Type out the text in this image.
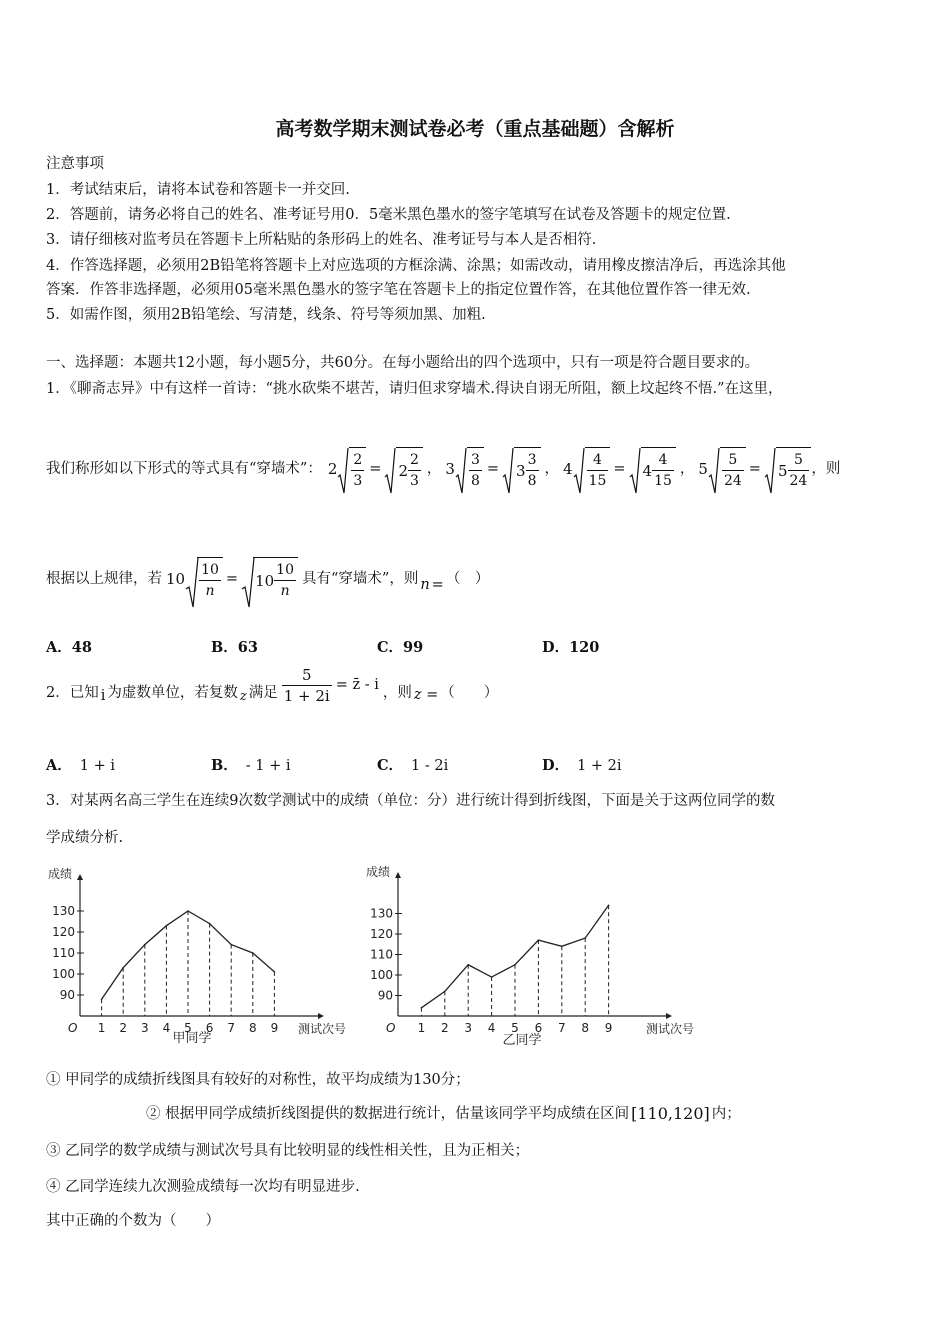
高考数学期末测试卷必考（重点基础题）含解析
注意事项
1．考试结束后，请将本试卷和答题卡一并交回.
2．答题前，请务必将自己的姓名、准考证号用0．5毫米黑色墨水的签字笔填写在试卷及答题卡的规定位置.
3．请仔细核对监考员在答题卡上所粘贴的条形码上的姓名、准考证号与本人是否相符.
4．作答选择题，必须用2B铅笔将答题卡上对应选项的方框涂满、涂黑；如需改动，请用橡皮擦洁净后，再选涂其他
答案．作答非选择题，必须用05毫米黑色墨水的签字笔在答题卡上的指定位置作答，在其他位置作答一律无效.
5．如需作图，须用2B铅笔绘、写清楚，线条、符号等须加黑、加粗.
一、选择题：本题共12小题，每小题5分，共60分。在每小题给出的四个选项中，只有一项是符合题目要求的。
1．《聊斋志异》中有这样一首诗：“挑水砍柴不堪苦，请归但求穿墙术.得诀自诩无所阻，额上坟起终不悟.”在这里，
我们称形如以下形式的等式具有“穿墙术”： $2 \frac{2}{3}$ =	$2 \frac{2}{3}$ ， $3 \frac{3}{8}$ =	$3 \frac{3}{8}$ ， $4 \frac{4}{15}$ =	$4 \frac{4}{15}$ ， $5 \frac{5}{24}$ =	$5 \frac{5}{24}$ ，则
根据以上规律，若 $10 \frac{10}{n}$ =	$10 \frac{10}{n}$ 具有“穿墙术”，则 n = （　）
A．48	B．63	C．99	D．120
2．已知 i 为虚数单位，若复数 z 满足 $\frac{5}{1 + 2i}$ = z̄ - i ，则 z = （　　）
A． 1 + i	B． - 1 + i	C． 1 - 2i	D． 1 + 2i
3．对某两名高三学生在连续9次数学测试中的成绩（单位：分）进行统计得到折线图，下面是关于这两位同学的数
学成绩分析.
成绩
O
90
100
110
120
130
1 2 3 4 5 6 7 8 9 测试次号
甲同学
成绩
O
90
100
110
120
130
1 2 3 4 5 6 7 8 9	测试次号
乙同学
① 甲同学的成绩折线图具有较好的对称性，故平均成绩为130分；
② 根据甲同学成绩折线图提供的数据进行统计，估量该同学平均成绩在区间 [110,120] 内；
③ 乙同学的数学成绩与测试次号具有比较明显的线性相关性，且为正相关；
④ 乙同学连续九次测验成绩每一次均有明显进步.
其中正确的个数为（　　）
